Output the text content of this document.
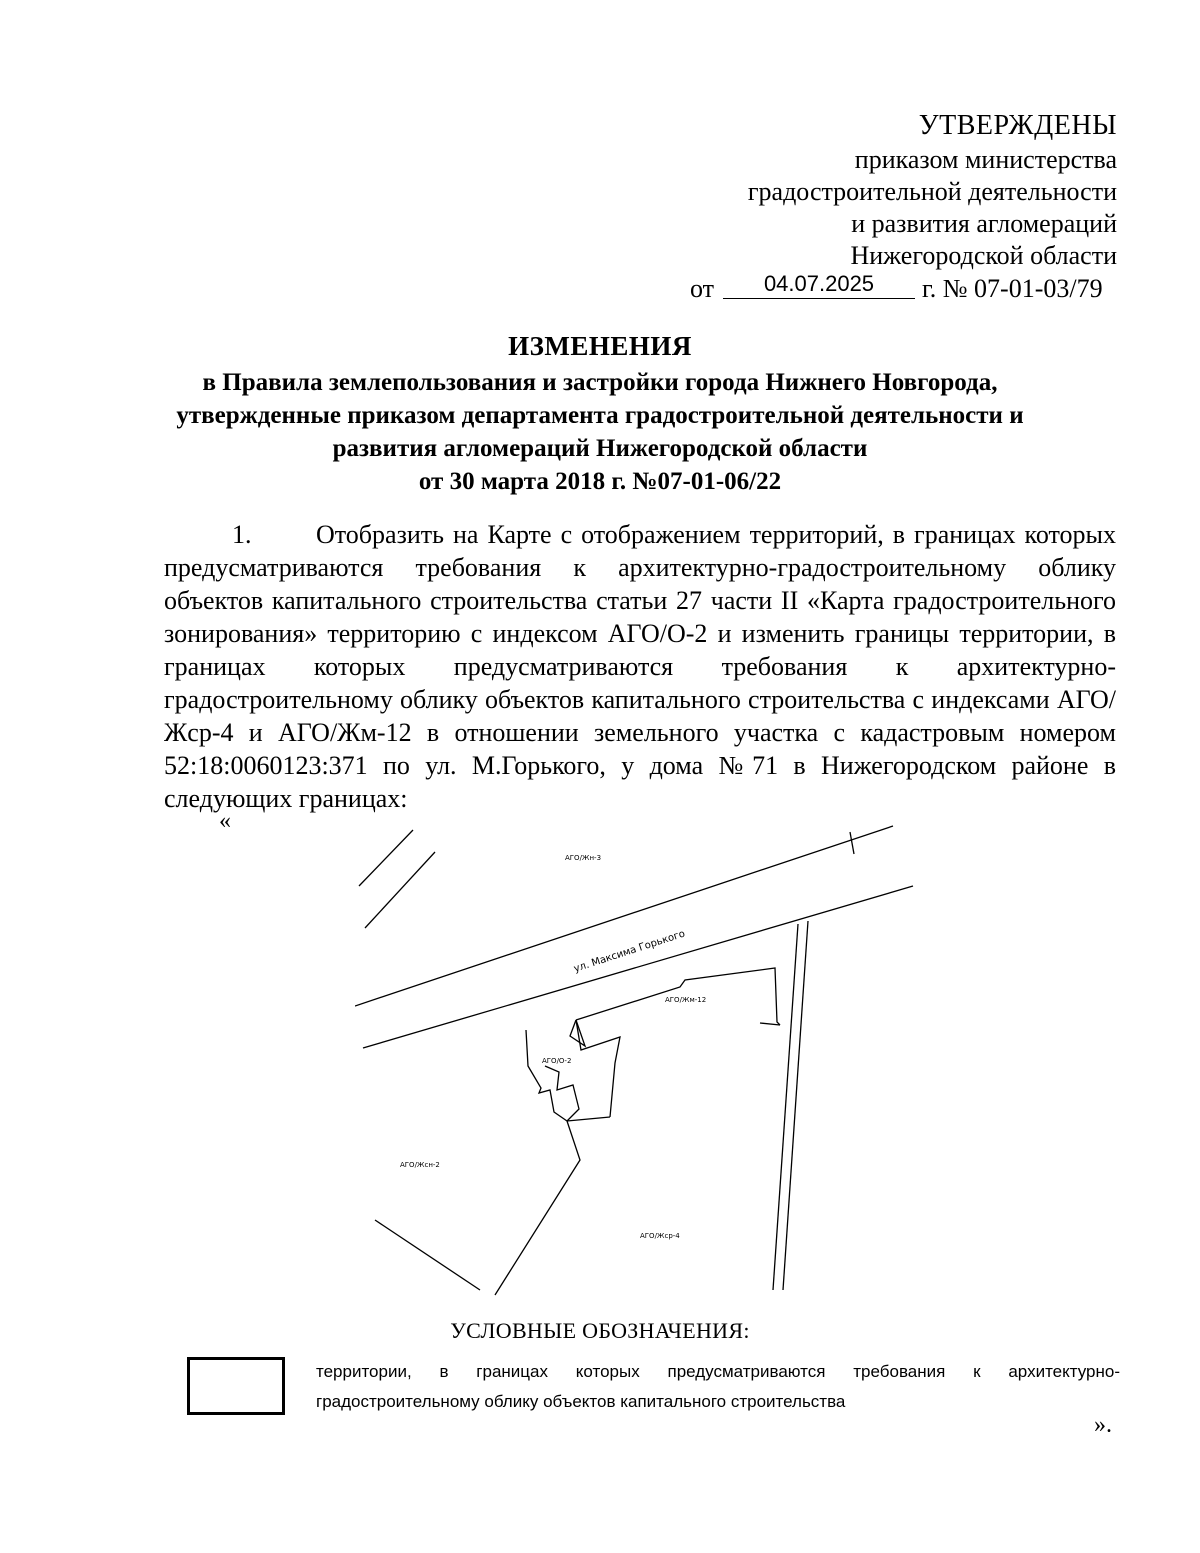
УТВЕРЖДЕНЫ
приказом министерства
градостроительной деятельности
и развития агломераций
Нижегородской области
от	04.07.2025	г. № 07-01-03/79
ИЗМЕНЕНИЯ
в Правила землепользования и застройки города Нижнего Новгорода,
утвержденные приказом департамента градостроительной деятельности и
развития агломераций Нижегородской области
от 30 марта 2018 г. №07-01-06/22
1. Отобразить на Карте с отображением территорий, в границах которых предусматриваются требования к архитектурно-градостроительному облику объектов капитального строительства статьи 27 части II «Карта градостроительного зонирования» территорию с индексом АГО/О-2 и изменить границы территории, в границах которых предусматриваются требования к архитектурно-градостроительному облику объектов капитального строительства с индексами АГО/Жср-4 и АГО/Жм-12 в отношении земельного участка с кадастровым номером 52:18:0060123:371 по ул. М.Горького, у дома №71 в Нижегородском районе в следующих границах:
«
АГО/Жн-3
ул. Максима Горького
АГО/Жм-12
АГО/О-2
АГО/Жсн-2
АГО/Жср-4
УСЛОВНЫЕ ОБОЗНАЧЕНИЯ:
территории, в границах которых предусматриваются требования к архитектурно-градостроительному облику объектов капитального строительства
».
